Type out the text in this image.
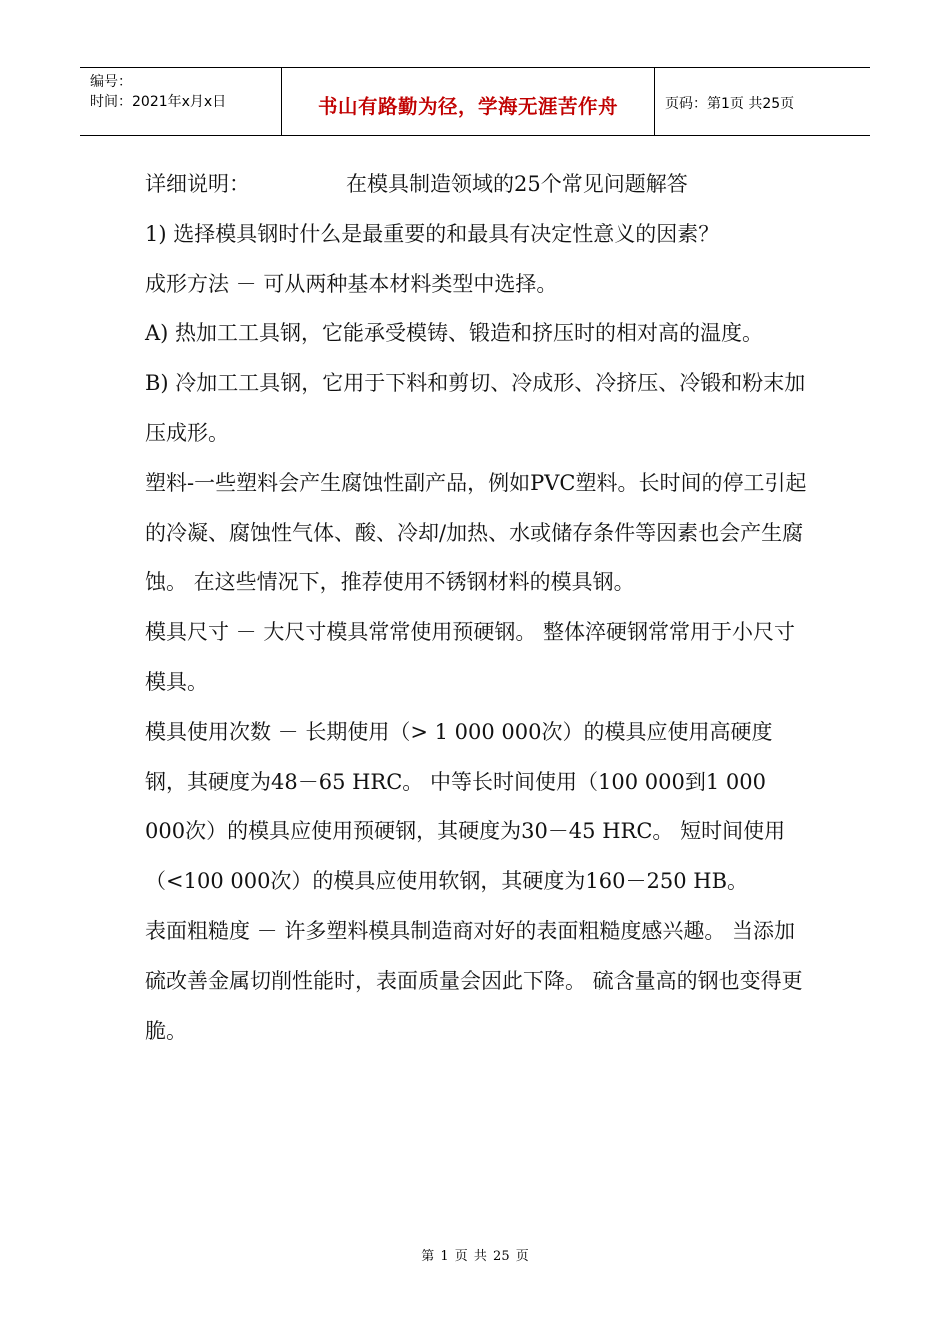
编号：
时间：2021年x月x日	书山有路勤为径，学海无涯苦作舟	页码：第1页 共25页

详细说明：	在模具制造领域的25个常见问题解答

1) 选择模具钢时什么是最重要的和最具有决定性意义的因素？

成形方法 － 可从两种基本材料类型中选择。

A) 热加工工具钢，它能承受模铸、锻造和挤压时的相对高的温度。

B) 冷加工工具钢，它用于下料和剪切、冷成形、冷挤压、冷锻和粉末加压成形。

塑料-一些塑料会产生腐蚀性副产品，例如PVC塑料。长时间的停工引起的冷凝、腐蚀性气体、酸、冷却/加热、水或储存条件等因素也会产生腐蚀。 在这些情况下，推荐使用不锈钢材料的模具钢。

模具尺寸 － 大尺寸模具常常使用预硬钢。 整体淬硬钢常常用于小尺寸模具。

模具使用次数 － 长期使用（> 1 000 000次）的模具应使用高硬度钢，其硬度为48－65 HRC。 中等长时间使用（100 000到1 000 000次）的模具应使用预硬钢，其硬度为30－45 HRC。 短时间使用（<100 000次）的模具应使用软钢，其硬度为160－250 HB。

表面粗糙度 － 许多塑料模具制造商对好的表面粗糙度感兴趣。 当添加硫改善金属切削性能时，表面质量会因此下降。 硫含量高的钢也变得更脆。

第 1 页 共 25 页
